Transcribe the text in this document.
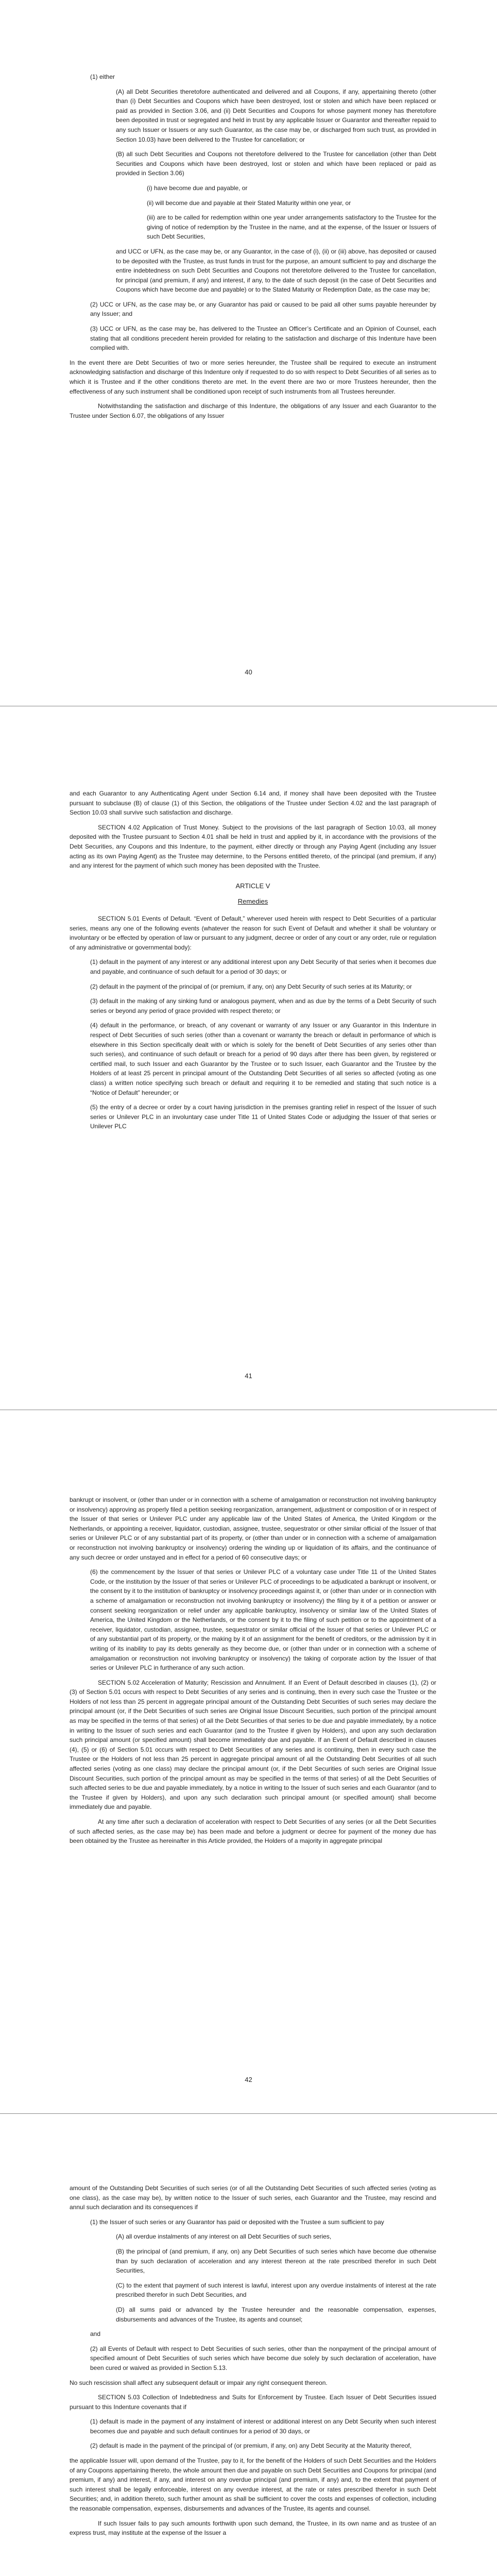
(1) either

(A) all Debt Securities theretofore authenticated and delivered and all Coupons, if any, appertaining thereto (other than (i) Debt Securities and Coupons which have been destroyed, lost or stolen and which have been replaced or paid as provided in Section 3.06, and (ii) Debt Securities and Coupons for whose payment money has theretofore been deposited in trust or segregated and held in trust by any applicable Issuer or Guarantor and thereafter repaid to any such Issuer or Issuers or any such Guarantor, as the case may be, or discharged from such trust, as provided in Section 10.03) have been delivered to the Trustee for cancellation; or

(B) all such Debt Securities and Coupons not theretofore delivered to the Trustee for cancellation (other than Debt Securities and Coupons which have been destroyed, lost or stolen and which have been replaced or paid as provided in Section 3.06)

(i) have become due and payable, or

(ii) will become due and payable at their Stated Maturity within one year, or

(iii) are to be called for redemption within one year under arrangements satisfactory to the Trustee for the giving of notice of redemption by the Trustee in the name, and at the expense, of the Issuer or Issuers of such Debt Securities,

and UCC or UFN, as the case may be, or any Guarantor, in the case of (i), (ii) or (iii) above, has deposited or caused to be deposited with the Trustee, as trust funds in trust for the purpose, an amount sufficient to pay and discharge the entire indebtedness on such Debt Securities and Coupons not theretofore delivered to the Trustee for cancellation, for principal (and premium, if any) and interest, if any, to the date of such deposit (in the case of Debt Securities and Coupons which have become due and payable) or to the Stated Maturity or Redemption Date, as the case may be;

(2) UCC or UFN, as the case may be, or any Guarantor has paid or caused to be paid all other sums payable hereunder by any Issuer; and

(3) UCC or UFN, as the case may be, has delivered to the Trustee an Officer’s Certificate and an Opinion of Counsel, each stating that all conditions precedent herein provided for relating to the satisfaction and discharge of this Indenture have been complied with.

In the event there are Debt Securities of two or more series hereunder, the Trustee shall be required to execute an instrument acknowledging satisfaction and discharge of this Indenture only if requested to do so with respect to Debt Securities of all series as to which it is Trustee and if the other conditions thereto are met. In the event there are two or more Trustees hereunder, then the effectiveness of any such instrument shall be conditioned upon receipt of such instruments from all Trustees hereunder.

Notwithstanding the satisfaction and discharge of this Indenture, the obligations of any Issuer and each Guarantor to the Trustee under Section 6.07, the obligations of any Issuer

40

and each Guarantor to any Authenticating Agent under Section 6.14 and, if money shall have been deposited with the Trustee pursuant to subclause (B) of clause (1) of this Section, the obligations of the Trustee under Section 4.02 and the last paragraph of Section 10.03 shall survive such satisfaction and discharge.

SECTION 4.02 Application of Trust Money. Subject to the provisions of the last paragraph of Section 10.03, all money deposited with the Trustee pursuant to Section 4.01 shall be held in trust and applied by it, in accordance with the provisions of the Debt Securities, any Coupons and this Indenture, to the payment, either directly or through any Paying Agent (including any Issuer acting as its own Paying Agent) as the Trustee may determine, to the Persons entitled thereto, of the principal (and premium, if any) and any interest for the payment of which such money has been deposited with the Trustee.

ARTICLE V

Remedies

SECTION 5.01 Events of Default. “Event of Default,” wherever used herein with respect to Debt Securities of a particular series, means any one of the following events (whatever the reason for such Event of Default and whether it shall be voluntary or involuntary or be effected by operation of law or pursuant to any judgment, decree or order of any court or any order, rule or regulation of any administrative or governmental body):

(1) default in the payment of any interest or any additional interest upon any Debt Security of that series when it becomes due and payable, and continuance of such default for a period of 30 days; or

(2) default in the payment of the principal of (or premium, if any, on) any Debt Security of such series at its Maturity; or

(3) default in the making of any sinking fund or analogous payment, when and as due by the terms of a Debt Security of such series or beyond any period of grace provided with respect thereto; or

(4) default in the performance, or breach, of any covenant or warranty of any Issuer or any Guarantor in this Indenture in respect of Debt Securities of such series (other than a covenant or warranty the breach or default in performance of which is elsewhere in this Section specifically dealt with or which is solely for the benefit of Debt Securities of any series other than such series), and continuance of such default or breach for a period of 90 days after there has been given, by registered or certified mail, to such Issuer and each Guarantor by the Trustee or to such Issuer, each Guarantor and the Trustee by the Holders of at least 25 percent in principal amount of the Outstanding Debt Securities of all series so affected (voting as one class) a written notice specifying such breach or default and requiring it to be remedied and stating that such notice is a “Notice of Default” hereunder; or

(5) the entry of a decree or order by a court having jurisdiction in the premises granting relief in respect of the Issuer of such series or Unilever PLC in an involuntary case under Title 11 of United States Code or adjudging the Issuer of that series or Unilever PLC

41

bankrupt or insolvent, or (other than under or in connection with a scheme of amalgamation or reconstruction not involving bankruptcy or insolvency) approving as properly filed a petition seeking reorganization, arrangement, adjustment or composition of or in respect of the Issuer of that series or Unilever PLC under any applicable law of the United States of America, the United Kingdom or the Netherlands, or appointing a receiver, liquidator, custodian, assignee, trustee, sequestrator or other similar official of the Issuer of that series or Unilever PLC or of any substantial part of its property, or (other than under or in connection with a scheme of amalgamation or reconstruction not involving bankruptcy or insolvency) ordering the winding up or liquidation of its affairs, and the continuance of any such decree or order unstayed and in effect for a period of 60 consecutive days; or

(6) the commencement by the Issuer of that series or Unilever PLC of a voluntary case under Title 11 of the United States Code, or the institution by the Issuer of that series or Unilever PLC of proceedings to be adjudicated a bankrupt or insolvent, or the consent by it to the institution of bankruptcy or insolvency proceedings against it, or (other than under or in connection with a scheme of amalgamation or reconstruction not involving bankruptcy or insolvency) the filing by it of a petition or answer or consent seeking reorganization or relief under any applicable bankruptcy, insolvency or similar law of the United States of America, the United Kingdom or the Netherlands, or the consent by it to the filing of such petition or to the appointment of a receiver, liquidator, custodian, assignee, trustee, sequestrator or similar official of the Issuer of that series or Unilever PLC or of any substantial part of its property, or the making by it of an assignment for the benefit of creditors, or the admission by it in writing of its inability to pay its debts generally as they become due, or (other than under or in connection with a scheme of amalgamation or reconstruction not involving bankruptcy or insolvency) the taking of corporate action by the Issuer of that series or Unilever PLC in furtherance of any such action.

SECTION 5.02 Acceleration of Maturity; Rescission and Annulment. If an Event of Default described in clauses (1), (2) or (3) of Section 5.01 occurs with respect to Debt Securities of any series and is continuing, then in every such case the Trustee or the Holders of not less than 25 percent in aggregate principal amount of the Outstanding Debt Securities of such series may declare the principal amount (or, if the Debt Securities of such series are Original Issue Discount Securities, such portion of the principal amount as may be specified in the terms of that series) of all the Debt Securities of that series to be due and payable immediately, by a notice in writing to the Issuer of such series and each Guarantor (and to the Trustee if given by Holders), and upon any such declaration such principal amount (or specified amount) shall become immediately due and payable. If an Event of Default described in clauses (4), (5) or (6) of Section 5.01 occurs with respect to Debt Securities of any series and is continuing, then in every such case the Trustee or the Holders of not less than 25 percent in aggregate principal amount of all the Outstanding Debt Securities of all such affected series (voting as one class) may declare the principal amount (or, if the Debt Securities of such series are Original Issue Discount Securities, such portion of the principal amount as may be specified in the terms of that series) of all the Debt Securities of such affected series to be due and payable immediately, by a notice in writing to the Issuer of such series and each Guarantor (and to the Trustee if given by Holders), and upon any such declaration such principal amount (or specified amount) shall become immediately due and payable.

At any time after such a declaration of acceleration with respect to Debt Securities of any series (or all the Debt Securities of such affected series, as the case may be) has been made and before a judgment or decree for payment of the money due has been obtained by the Trustee as hereinafter in this Article provided, the Holders of a majority in aggregate principal

42

amount of the Outstanding Debt Securities of such series (or of all the Outstanding Debt Securities of such affected series (voting as one class), as the case may be), by written notice to the Issuer of such series, each Guarantor and the Trustee, may rescind and annul such declaration and its consequences if

(1) the Issuer of such series or any Guarantor has paid or deposited with the Trustee a sum sufficient to pay

(A) all overdue instalments of any interest on all Debt Securities of such series,

(B) the principal of (and premium, if any, on) any Debt Securities of such series which have become due otherwise than by such declaration of acceleration and any interest thereon at the rate prescribed therefor in such Debt Securities,

(C) to the extent that payment of such interest is lawful, interest upon any overdue instalments of interest at the rate prescribed therefor in such Debt Securities, and

(D) all sums paid or advanced by the Trustee hereunder and the reasonable compensation, expenses, disbursements and advances of the Trustee, its agents and counsel;

and

(2) all Events of Default with respect to Debt Securities of such series, other than the nonpayment of the principal amount of specified amount of Debt Securities of such series which have become due solely by such declaration of acceleration, have been cured or waived as provided in Section 5.13.

No such rescission shall affect any subsequent default or impair any right consequent thereon.

SECTION 5.03 Collection of Indebtedness and Suits for Enforcement by Trustee. Each Issuer of Debt Securities issued pursuant to this Indenture covenants that if

(1) default is made in the payment of any instalment of interest or additional interest on any Debt Security when such interest becomes due and payable and such default continues for a period of 30 days, or

(2) default is made in the payment of the principal of (or premium, if any, on) any Debt Security at the Maturity thereof,

the applicable Issuer will, upon demand of the Trustee, pay to it, for the benefit of the Holders of such Debt Securities and the Holders of any Coupons appertaining thereto, the whole amount then due and payable on such Debt Securities and Coupons for principal (and premium, if any) and interest, if any, and interest on any overdue principal (and premium, if any) and, to the extent that payment of such interest shall be legally enforceable, interest on any overdue interest, at the rate or rates prescribed therefor in such Debt Securities; and, in addition thereto, such further amount as shall be sufficient to cover the costs and expenses of collection, including the reasonable compensation, expenses, disbursements and advances of the Trustee, its agents and counsel.

If such Issuer fails to pay such amounts forthwith upon such demand, the Trustee, in its own name and as trustee of an express trust, may institute at the expense of the Issuer a
